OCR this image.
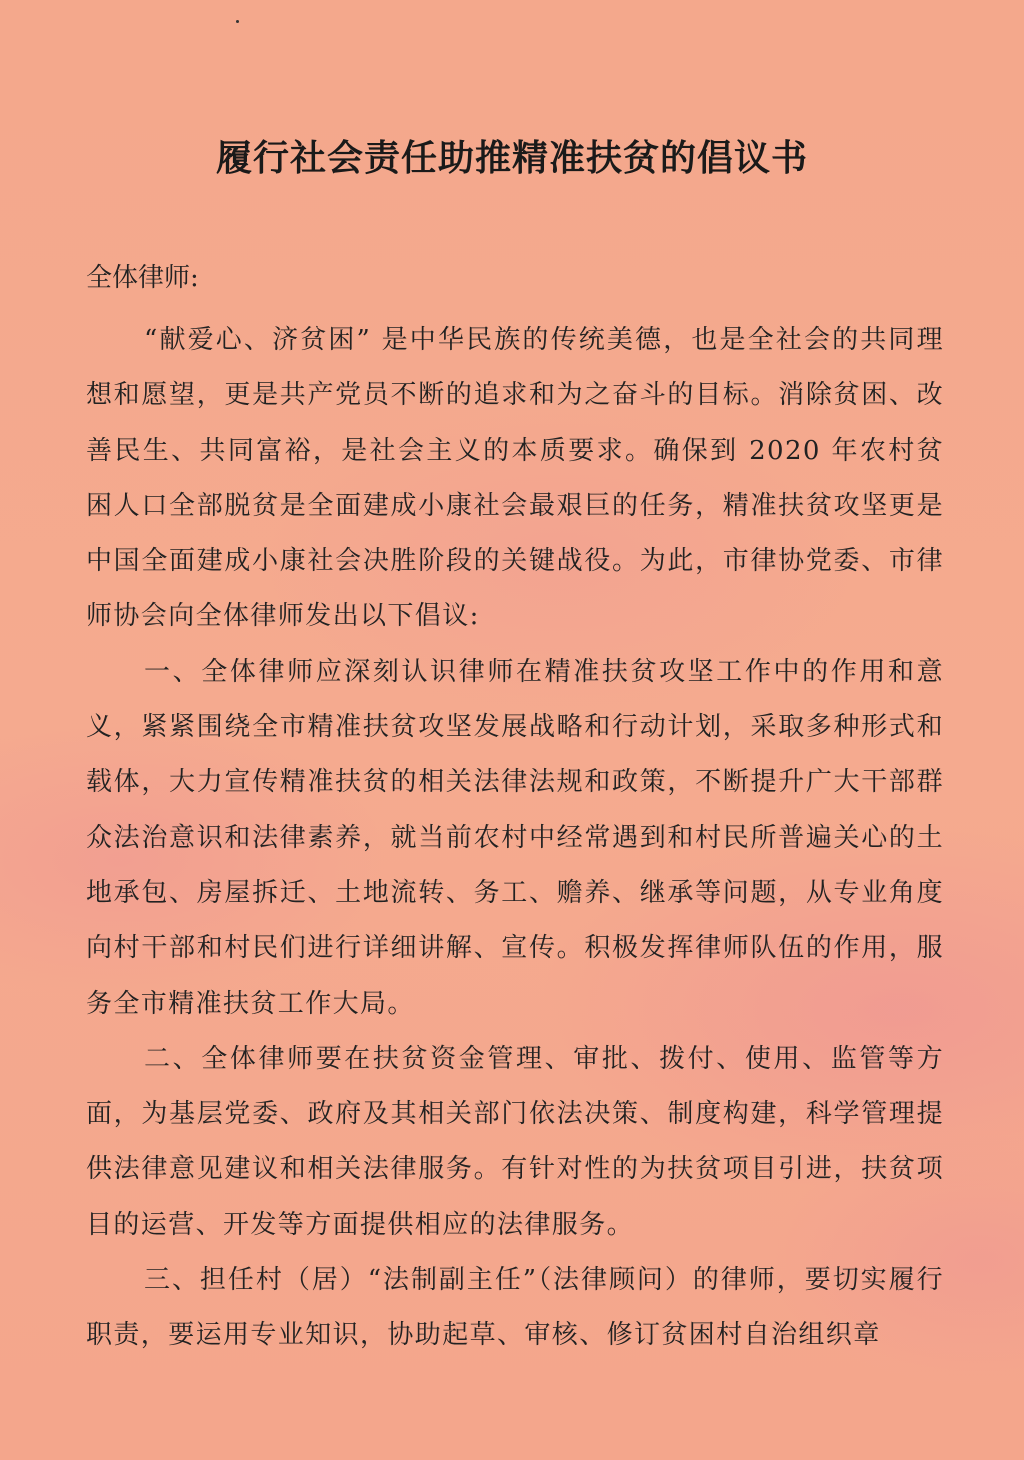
履行社会责任助推精准扶贫的倡议书
全体律师:

“献爱心、济贫困” 是中华民族的传统美德，也是全社会的共同理想和愿望，更是共产党员不断的追求和为之奋斗的目标。消除贫困、改善民生、共同富裕，是社会主义的本质要求。确保到 2020 年农村贫困人口全部脱贫是全面建成小康社会最艰巨的任务，精准扶贫攻坚更是中国全面建成小康社会决胜阶段的关键战役。为此，市律协党委、市律师协会向全体律师发出以下倡议:

一、全体律师应深刻认识律师在精准扶贫攻坚工作中的作用和意义，紧紧围绕全市精准扶贫攻坚发展战略和行动计划，采取多种形式和载体，大力宣传精准扶贫的相关法律法规和政策，不断提升广大干部群众法治意识和法律素养，就当前农村中经常遇到和村民所普遍关心的土地承包、房屋拆迁、土地流转、务工、赡养、继承等问题，从专业角度向村干部和村民们进行详细讲解、宣传。积极发挥律师队伍的作用，服务全市精准扶贫工作大局。

二、全体律师要在扶贫资金管理、审批、拨付、使用、监管等方面，为基层党委、政府及其相关部门依法决策、制度构建，科学管理提供法律意见建议和相关法律服务。有针对性的为扶贫项目引进，扶贫项目的运营、开发等方面提供相应的法律服务。

三、担任村（居）“法制副主任”（法律顾问）的律师，要切实履行职责，要运用专业知识，协助起草、审核、修订贫困村自治组织章
